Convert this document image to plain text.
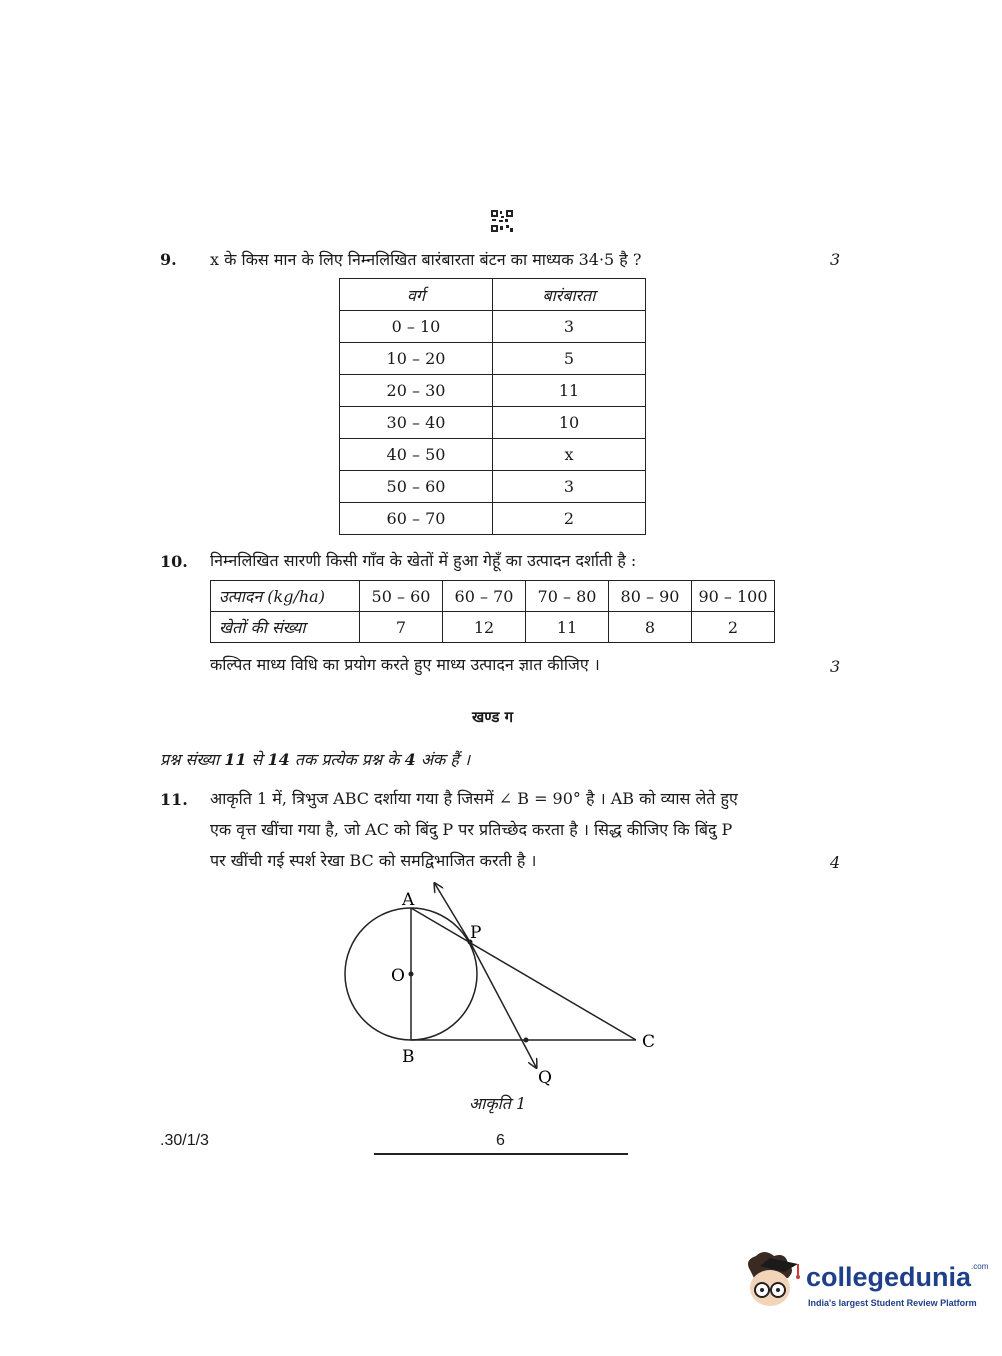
9. x के किस मान के लिए निम्नलिखित बारंबारता बंटन का माध्यक 34·5 है ?	3
वर्ग	बारंबारता
0 – 10	3
10 – 20	5
20 – 30	11
30 – 40	10
40 – 50	x
50 – 60	3
60 – 70	2
10. निम्नलिखित सारणी किसी गाँव के खेतों में हुआ गेहूँ का उत्पादन दर्शाती है :
उत्पादन (kg/ha)	50 – 60	60 – 70	70 – 80	80 – 90	90 – 100
खेतों की संख्या	7	12	11	8	2
कल्पित माध्य विधि का प्रयोग करते हुए माध्य उत्पादन ज्ञात कीजिए ।	3
खण्ड ग
प्रश्न संख्या 11 से 14 तक प्रत्येक प्रश्न के 4 अंक हैं ।
11. आकृति 1 में, त्रिभुज ABC दर्शाया गया है जिसमें ∠ B = 90° है । AB को व्यास लेते हुए
एक वृत्त खींचा गया है, जो AC को बिंदु P पर प्रतिच्छेद करता है । सिद्ध कीजिए कि बिंदु P
पर खींची गई स्पर्श रेखा BC को समद्विभाजित करती है ।	4
A
P
O
B
C
Q
आकृति 1
.30/1/3	6
collegedunia$^{.com}$
India's largest Student Review Platform
